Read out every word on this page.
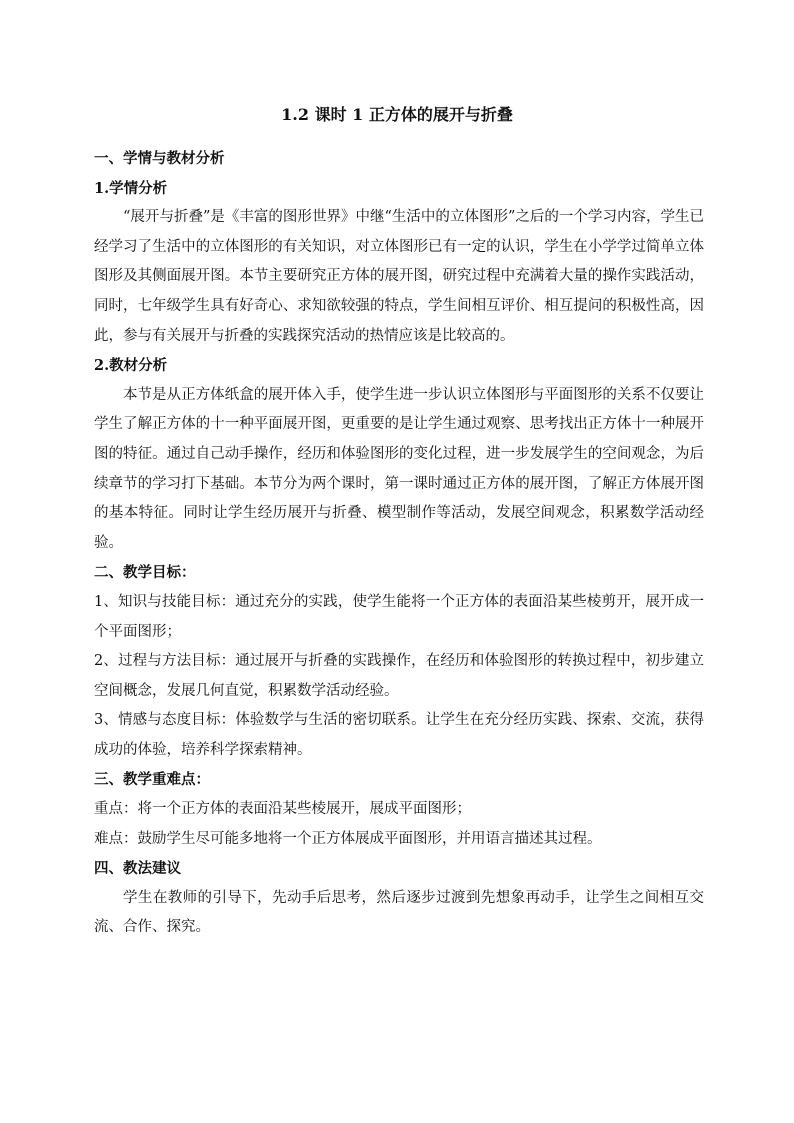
1.2 课时 1 正方体的展开与折叠

一、学情与教材分析

1.学情分析

“展开与折叠”是《丰富的图形世界》中继“生活中的立体图形”之后的一个学习内容，学生已经学习了生活中的立体图形的有关知识，对立体图形已有一定的认识，学生在小学学过简单立体图形及其侧面展开图。本节主要研究正方体的展开图，研究过程中充满着大量的操作实践活动，同时，七年级学生具有好奇心、求知欲较强的特点，学生间相互评价、相互提问的积极性高，因此，参与有关展开与折叠的实践探究活动的热情应该是比较高的。

2.教材分析

本节是从正方体纸盒的展开体入手，使学生进一步认识立体图形与平面图形的关系不仅要让学生了解正方体的十一种平面展开图，更重要的是让学生通过观察、思考找出正方体十一种展开图的特征。通过自己动手操作，经历和体验图形的变化过程，进一步发展学生的空间观念，为后续章节的学习打下基础。本节分为两个课时，第一课时通过正方体的展开图，了解正方体展开图的基本特征。同时让学生经历展开与折叠、模型制作等活动，发展空间观念，积累数学活动经验。

二、教学目标：

1、知识与技能目标：通过充分的实践，使学生能将一个正方体的表面沿某些棱剪开，展开成一个平面图形；

2、过程与方法目标：通过展开与折叠的实践操作，在经历和体验图形的转换过程中，初步建立空间概念，发展几何直觉，积累数学活动经验。

3、情感与态度目标：体验数学与生活的密切联系。让学生在充分经历实践、探索、交流，获得成功的体验，培养科学探索精神。

三、教学重难点：

重点：将一个正方体的表面沿某些棱展开，展成平面图形；

难点：鼓励学生尽可能多地将一个正方体展成平面图形，并用语言描述其过程。

四、教法建议

学生在教师的引导下，先动手后思考，然后逐步过渡到先想象再动手，让学生之间相互交流、合作、探究。
